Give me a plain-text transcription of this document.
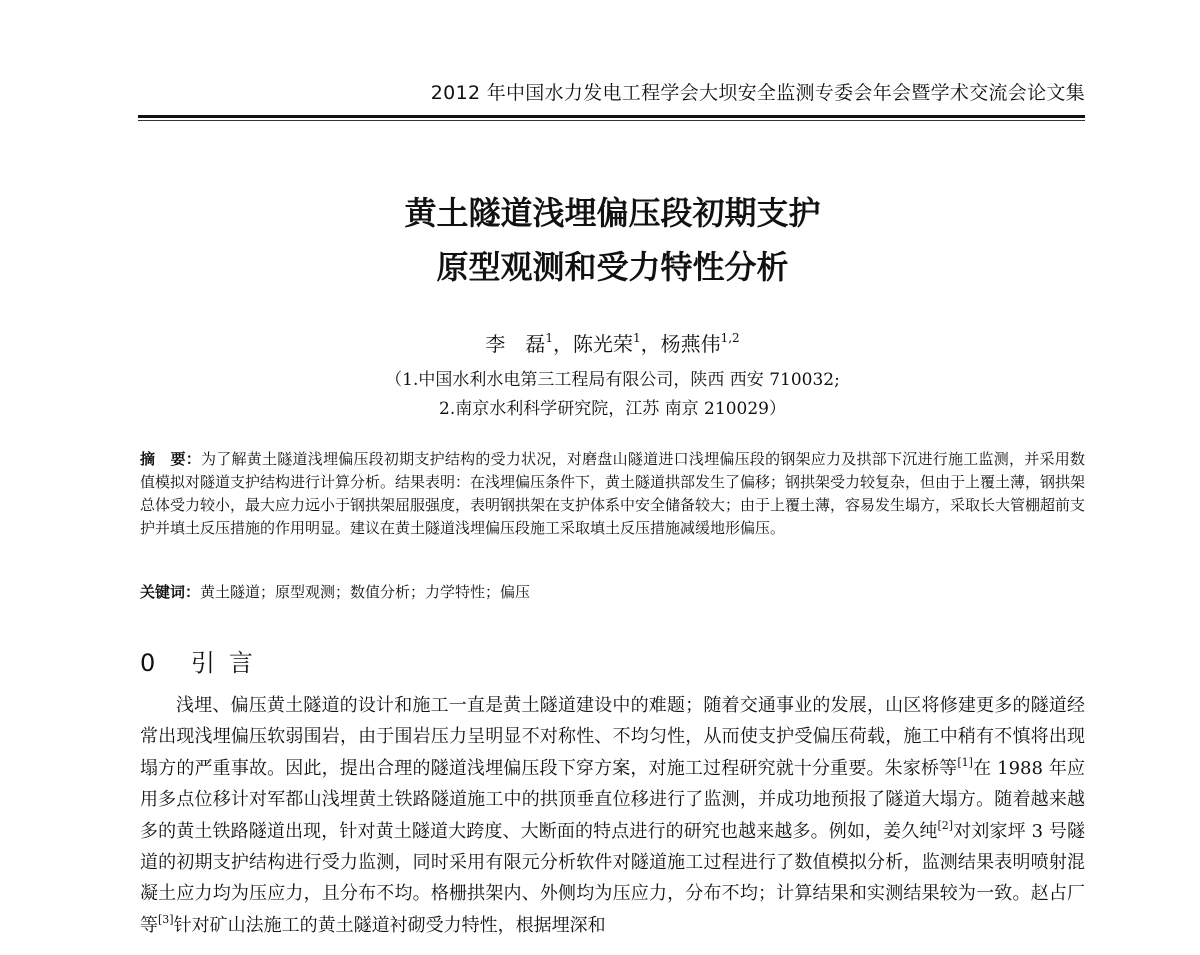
2012 年中国水力发电工程学会大坝安全监测专委会年会暨学术交流会论文集
黄土隧道浅埋偏压段初期支护
原型观测和受力特性分析
李　磊$^1$，陈光荣$^1$，杨燕伟$^{1,2}$
（1.中国水利水电第三工程局有限公司，陕西 西安 710032;
2.南京水利科学研究院，江苏 南京 210029）
摘　要：为了解黄土隧道浅埋偏压段初期支护结构的受力状况，对磨盘山隧道进口浅埋偏压段的钢架应力及拱部下沉进行施工监测，并采用数值模拟对隧道支护结构进行计算分析。结果表明：在浅埋偏压条件下，黄土隧道拱部发生了偏移；钢拱架受力较复杂，但由于上覆土薄，钢拱架总体受力较小，最大应力远小于钢拱架屈服强度，表明钢拱架在支护体系中安全储备较大；由于上覆土薄，容易发生塌方，采取长大管棚超前支护并填土反压措施的作用明显。建议在黄土隧道浅埋偏压段施工采取填土反压措施减缓地形偏压。
关键词：黄土隧道；原型观测；数值分析；力学特性；偏压
0 引言
浅埋、偏压黄土隧道的设计和施工一直是黄土隧道建设中的难题；随着交通事业的发展，山区将修建更多的隧道经常出现浅埋偏压软弱围岩，由于围岩压力呈明显不对称性、不均匀性，从而使支护受偏压荷载，施工中稍有不慎将出现塌方的严重事故。因此，提出合理的隧道浅埋偏压段下穿方案，对施工过程研究就十分重要。朱家桥等[1]在 1988 年应用多点位移计对军都山浅埋黄土铁路隧道施工中的拱顶垂直位移进行了监测，并成功地预报了隧道大塌方。随着越来越多的黄土铁路隧道出现，针对黄土隧道大跨度、大断面的特点进行的研究也越来越多。例如，姜久纯[2]对刘家坪 3 号隧道的初期支护结构进行受力监测，同时采用有限元分析软件对隧道施工过程进行了数值模拟分析，监测结果表明喷射混凝土应力均为压应力，且分布不均。格栅拱架内、外侧均为压应力，分布不均；计算结果和实测结果较为一致。赵占厂等[3]针对矿山法施工的黄土隧道衬砌受力特性，根据埋深和
